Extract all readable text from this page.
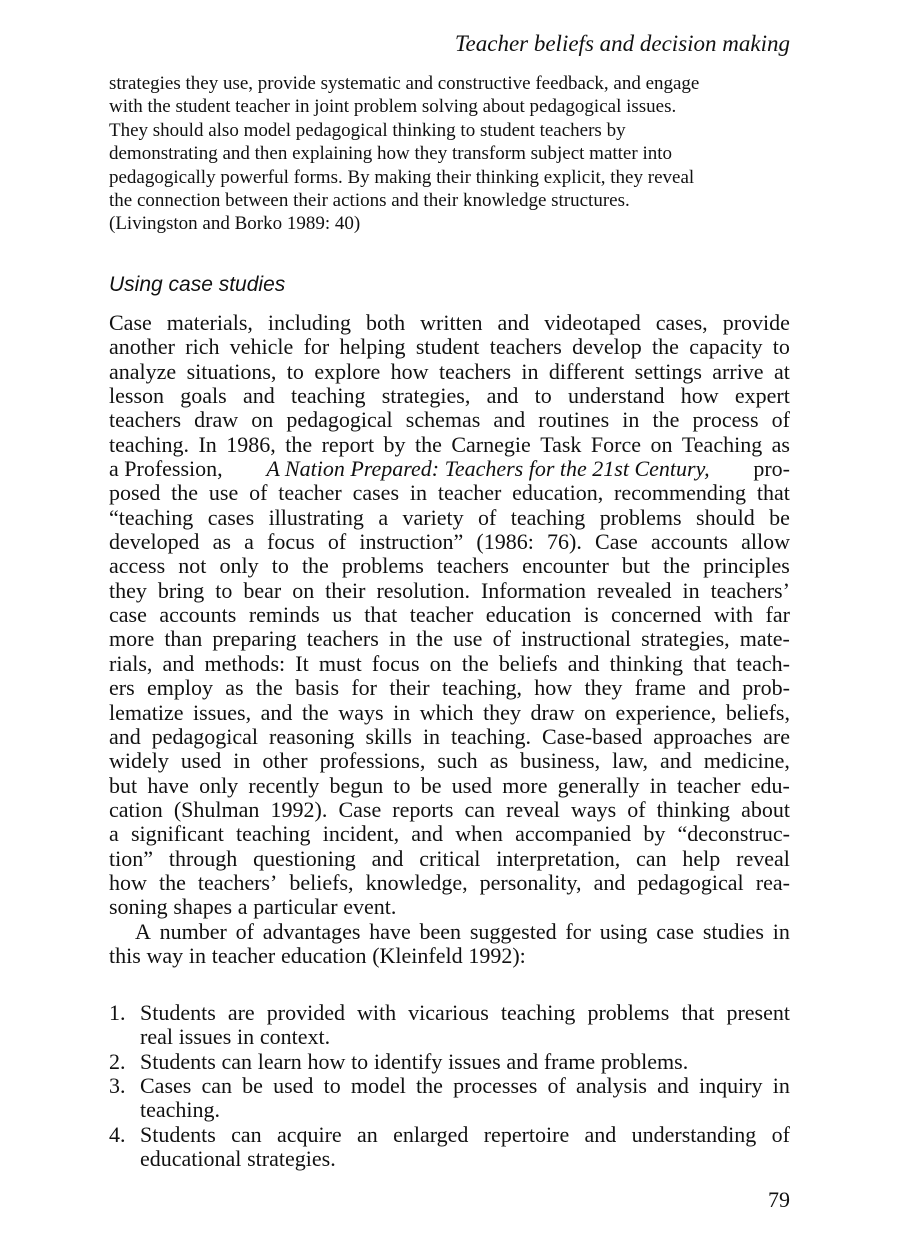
Teacher beliefs and decision making
strategies they use, provide systematic and constructive feedback, and engage
with the student teacher in joint problem solving about pedagogical issues.
They should also model pedagogical thinking to student teachers by
demonstrating and then explaining how they transform subject matter into
pedagogically powerful forms. By making their thinking explicit, they reveal
the connection between their actions and their knowledge structures.
(Livingston and Borko 1989: 40)
Using case studies
Case materials, including both written and videotaped cases, provide
another rich vehicle for helping student teachers develop the capacity to
analyze situations, to explore how teachers in different settings arrive at
lesson goals and teaching strategies, and to understand how expert
teachers draw on pedagogical schemas and routines in the process of
teaching. In 1986, the report by the Carnegie Task Force on Teaching as
a Profession, A Nation Prepared: Teachers for the 21st Century, pro-
posed the use of teacher cases in teacher education, recommending that
“teaching cases illustrating a variety of teaching problems should be
developed as a focus of instruction” (1986: 76). Case accounts allow
access not only to the problems teachers encounter but the principles
they bring to bear on their resolution. Information revealed in teachers’
case accounts reminds us that teacher education is concerned with far
more than preparing teachers in the use of instructional strategies, mate-
rials, and methods: It must focus on the beliefs and thinking that teach-
ers employ as the basis for their teaching, how they frame and prob-
lematize issues, and the ways in which they draw on experience, beliefs,
and pedagogical reasoning skills in teaching. Case-based approaches are
widely used in other professions, such as business, law, and medicine,
but have only recently begun to be used more generally in teacher edu-
cation (Shulman 1992). Case reports can reveal ways of thinking about
a significant teaching incident, and when accompanied by “deconstruc-
tion” through questioning and critical interpretation, can help reveal
how the teachers’ beliefs, knowledge, personality, and pedagogical rea-
soning shapes a particular event.
A number of advantages have been suggested for using case studies in
this way in teacher education (Kleinfeld 1992):
1. Students are provided with vicarious teaching problems that present
real issues in context.
2. Students can learn how to identify issues and frame problems.
3. Cases can be used to model the processes of analysis and inquiry in
teaching.
4. Students can acquire an enlarged repertoire and understanding of
educational strategies.
79
